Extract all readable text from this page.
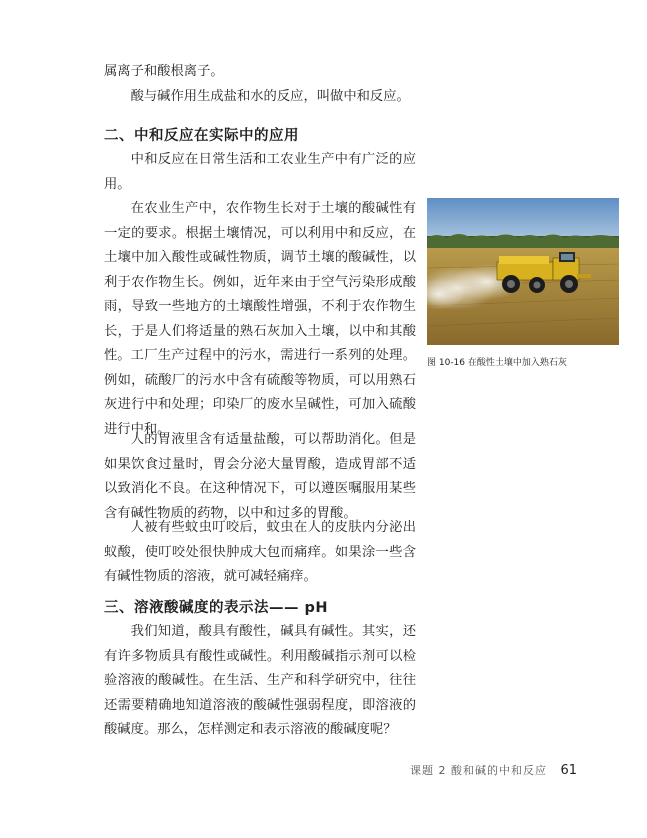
属离子和酸根离子。

酸与碱作用生成盐和水的反应，叫做中和反应。

二、中和反应在实际中的应用

中和反应在日常生活和工农业生产中有广泛的应用。

在农业生产中，农作物生长对于土壤的酸碱性有一定的要求。根据土壤情况，可以利用中和反应，在土壤中加入酸性或碱性物质，调节土壤的酸碱性，以利于农作物生长。例如，近年来由于空气污染形成酸雨，导致一些地方的土壤酸性增强，不利于农作物生长，于是人们将适量的熟石灰加入土壤，以中和其酸性。 工厂生产过程中的污水，需进行一系列的处理。例如，硫酸厂的污水中含有硫酸等物质，可以用熟石灰进行中和处理；印染厂的废水呈碱性，可加入硫酸进行中和。

人的胃液里含有适量盐酸，可以帮助消化。但是如果饮食过量时，胃会分泌大量胃酸，造成胃部不适以致消化不良。在这种情况下，可以遵医嘱服用某些含有碱性物质的药物，以中和过多的胃酸。

人被有些蚊虫叮咬后，蚊虫在人的皮肤内分泌出蚁酸，使叮咬处很快肿成大包而痛痒。如果涂一些含有碱性物质的溶液，就可减轻痛痒。

三、溶液酸碱度的表示法—— pH

我们知道，酸具有酸性，碱具有碱性。其实，还有许多物质具有酸性或碱性。利用酸碱指示剂可以检验溶液的酸碱性。在生活、生产和科学研究中，往往还需要精确地知道溶液的酸碱性强弱程度，即溶液的酸碱度。那么，怎样测定和表示溶液的酸碱度呢？

图 10-16 在酸性土壤中加入熟石灰
课题 2 酸和碱的中和反应 61
